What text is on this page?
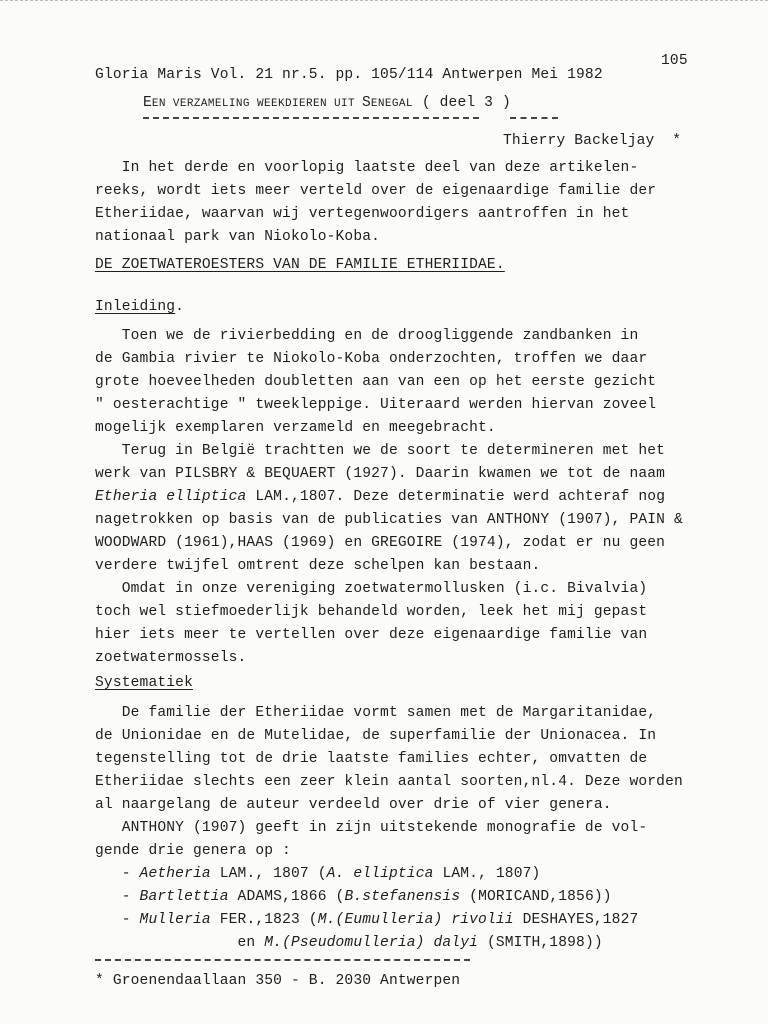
105
Gloria Maris Vol. 21 nr.5. pp. 105/114 Antwerpen Mei 1982
EEN VERZAMELING WEEKDIEREN UIT SENEGAL ( deel 3 )
Thierry Backeljay  *
In het derde en voorlopig laatste deel van deze artikelen-
reeks, wordt iets meer verteld over de eigenaardige familie der
Etheriidae, waarvan wij vertegenwoordigers aantroffen in het
nationaal park van Niokolo-Koba.
DE ZOETWATEROESTERS VAN DE FAMILIE ETHERIIDAE.
Inleiding.
Toen we de rivierbedding en de droogliggende zandbanken in
de Gambia rivier te Niokolo-Koba onderzochten, troffen we daar
grote hoeveelheden doubletten aan van een op het eerste gezicht
" oesterachtige " tweekleppige. Uiteraard werden hiervan zoveel
mogelijk exemplaren verzameld en meegebracht.
Terug in België trachtten we de soort te determineren met het
werk van PILSBRY & BEQUAERT (1927). Daarin kwamen we tot de naam
Etheria elliptica LAM.,1807. Deze determinatie werd achteraf nog
nagetrokken op basis van de publicaties van ANTHONY (1907), PAIN &
WOODWARD (1961),HAAS (1969) en GREGOIRE (1974), zodat er nu geen
verdere twijfel omtrent deze schelpen kan bestaan.
Omdat in onze vereniging zoetwatermollusken (i.c. Bivalvia)
toch wel stiefmoederlijk behandeld worden, leek het mij gepast
hier iets meer te vertellen over deze eigenaardige familie van
zoetwatermossels.
Systematiek
De familie der Etheriidae vormt samen met de Margaritanidae,
de Unionidae en de Mutelidae, de superfamilie der Unionacea. In
tegenstelling tot de drie laatste families echter, omvatten de
Etheriidae slechts een zeer klein aantal soorten,nl.4. Deze worden
al naargelang de auteur verdeeld over drie of vier genera.
ANTHONY (1907) geeft in zijn uitstekende monografie de vol-
gende drie genera op :
- Aetheria LAM., 1807 (A. elliptica LAM., 1807)
- Bartlettia ADAMS,1866 (B.stefanensis (MORICAND,1856))
- Mulleria FER.,1823 (M.(Eumulleria) rivolii DESHAYES,1827
en M.(Pseudomulleria) dalyi (SMITH,1898))
* Groenendaallaan 350 - B. 2030 Antwerpen
